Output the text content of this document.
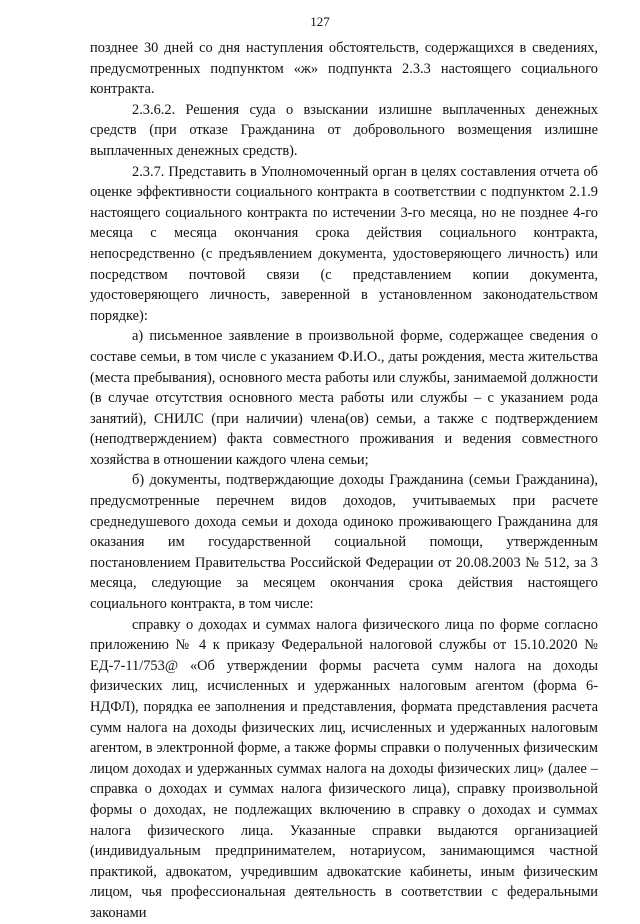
127

позднее 30 дней со дня наступления обстоятельств, содержащихся в сведениях, предусмотренных подпунктом «ж» подпункта 2.3.3 настоящего социального контракта.

2.3.6.2. Решения суда о взыскании излишне выплаченных денежных средств (при отказе Гражданина от добровольного возмещения излишне выплаченных денежных средств).

2.3.7. Представить в Уполномоченный орган в целях составления отчета об оценке эффективности социального контракта в соответствии с подпунктом 2.1.9 настоящего социального контракта по истечении 3-го месяца, но не позднее 4-го месяца с месяца окончания срока действия социального контракта, непосредственно (с предъявлением документа, удостоверяющего личность) или посредством почтовой связи (с представлением копии документа, удостоверяющего личность, заверенной в установленном законодательством порядке):

а) письменное заявление в произвольной форме, содержащее сведения о составе семьи, в том числе с указанием Ф.И.О., даты рождения, места жительства (места пребывания), основного места работы или службы, занимаемой должности (в случае отсутствия основного места работы или службы – с указанием рода занятий), СНИЛС (при наличии) члена(ов) семьи, а также с подтверждением (неподтверждением) факта совместного проживания и ведения совместного хозяйства в отношении каждого члена семьи;

б) документы, подтверждающие доходы Гражданина (семьи Гражданина), предусмотренные перечнем видов доходов, учитываемых при расчете среднедушевого дохода семьи и дохода одиноко проживающего Гражданина для оказания им государственной социальной помощи, утвержденным постановлением Правительства Российской Федерации от 20.08.2003 № 512, за 3 месяца, следующие за месяцем окончания срока действия настоящего социального контракта, в том числе:

справку о доходах и суммах налога физического лица по форме согласно приложению № 4 к приказу Федеральной налоговой службы от 15.10.2020 № ЕД-7-11/753@ «Об утверждении формы расчета сумм налога на доходы физических лиц, исчисленных и удержанных налоговым агентом (форма 6-НДФЛ), порядка ее заполнения и представления, формата представления расчета сумм налога на доходы физических лиц, исчисленных и удержанных налоговым агентом, в электронной форме, а также формы справки о полученных физическим лицом доходах и удержанных суммах налога на доходы физических лиц» (далее – справка о доходах и суммах налога физического лица), справку произвольной формы о доходах, не подлежащих включению в справку о доходах и суммах налога физического лица. Указанные справки выдаются организацией (индивидуальным предпринимателем, нотариусом, занимающимся частной практикой, адвокатом, учредившим адвокатские кабинеты, иным физическим лицом, чья профессиональная деятельность в соответствии с федеральными законами
